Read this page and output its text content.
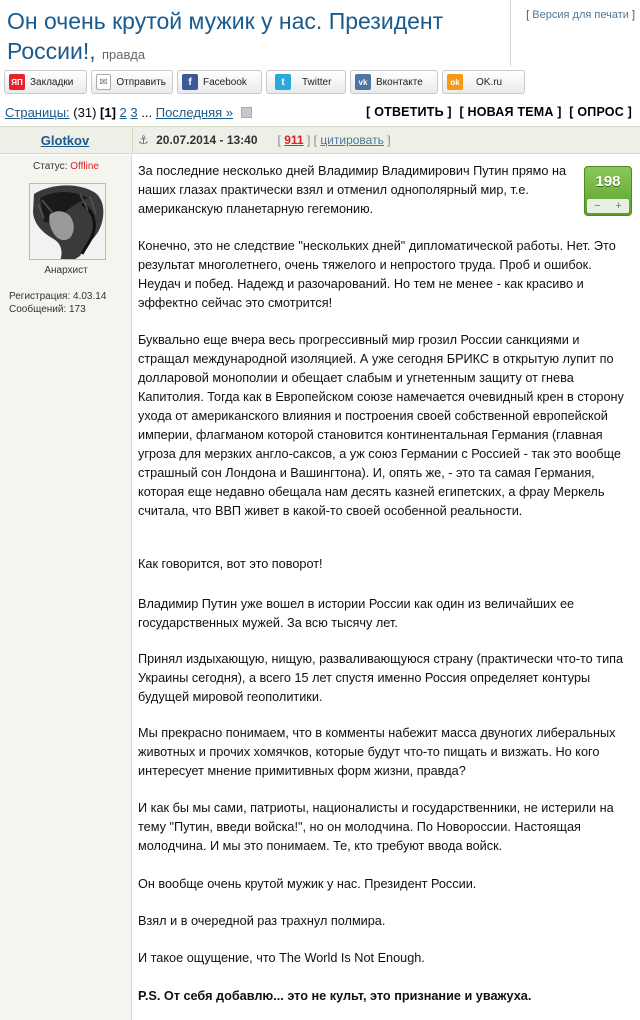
Он очень крутой мужик у нас. Президент России!, правда
[ Версия для печати ]
ЯП Закладки	✉ Отправить	f	Facebook	t	Twitter	vk Вконтакте	ok	OK.ru
Страницы: (31) [1] 2 3 ... Последняя »	[ ОТВЕТИТЬ ] [ НОВАЯ ТЕМА ] [ ОПРОС ]
Glotkov	⚓ 20.07.2014 - 13:40 [ 911 ] [ цитировать ]
Статус: Offline
Анархист
Регистрация: 4.03.14
Сообщений: 173
198
− +

За последние несколько дней Владимир Владимирович Путин прямо на наших глазах практически взял и отменил однополярный мир, т.е. американскую планетарную гегемонию.

Конечно, это не следствие "нескольких дней" дипломатической работы. Нет. Это результат многолетнего, очень тяжелого и непростого труда. Проб и ошибок. Неудач и побед. Надежд и разочарований. Но тем не менее - как красиво и эффектно сейчас это смотрится!

Буквально еще вчера весь прогрессивный мир грозил России санкциями и стращал международной изоляцией. А уже сегодня БРИКС в открытую лупит по долларовой монополии и обещает слабым и угнетенным защиту от гнева Капитолия. Тогда как в Европейском союзе намечается очевидный крен в сторону ухода от американского влияния и построения своей собственной европейской империи, флагманом которой становится континентальная Германия (главная угроза для мерзких англо-саксов, а уж союз Германии с Россией - так это вообще страшный сон Лондона и Вашингтона). И, опять же, - это та самая Германия, которая еще недавно обещала нам десять казней египетских, а фрау Меркель считала, что ВВП живет в какой-то своей особенной реальности.

Как говорится, вот это поворот!

Владимир Путин уже вошел в истории России как один из величайших ее государственных мужей. За всю тысячу лет.

Принял издыхающую, нищую, разваливающуюся страну (практически что-то типа Украины сегодня), а всего 15 лет спустя именно Россия определяет контуры будущей мировой геополитики.

Мы прекрасно понимаем, что в комменты набежит масса двуногих либеральных животных и прочих хомячков, которые будут что-то пищать и визжать. Но кого интересует мнение примитивных форм жизни, правда?

И как бы мы сами, патриоты, националисты и государственники, не истерили на тему "Путин, введи войска!", но он молодчина. По Новороссии. Настоящая молодчина. И мы это понимаем. Те, кто требуют ввода войск.

Он вообще очень крутой мужик у нас. Президент России.

Взял и в очередной раз трахнул полмира.

И такое ощущение, что The World Is Not Enough.

P.S. От себя добавлю... это не культ, это признание и уважуха.
